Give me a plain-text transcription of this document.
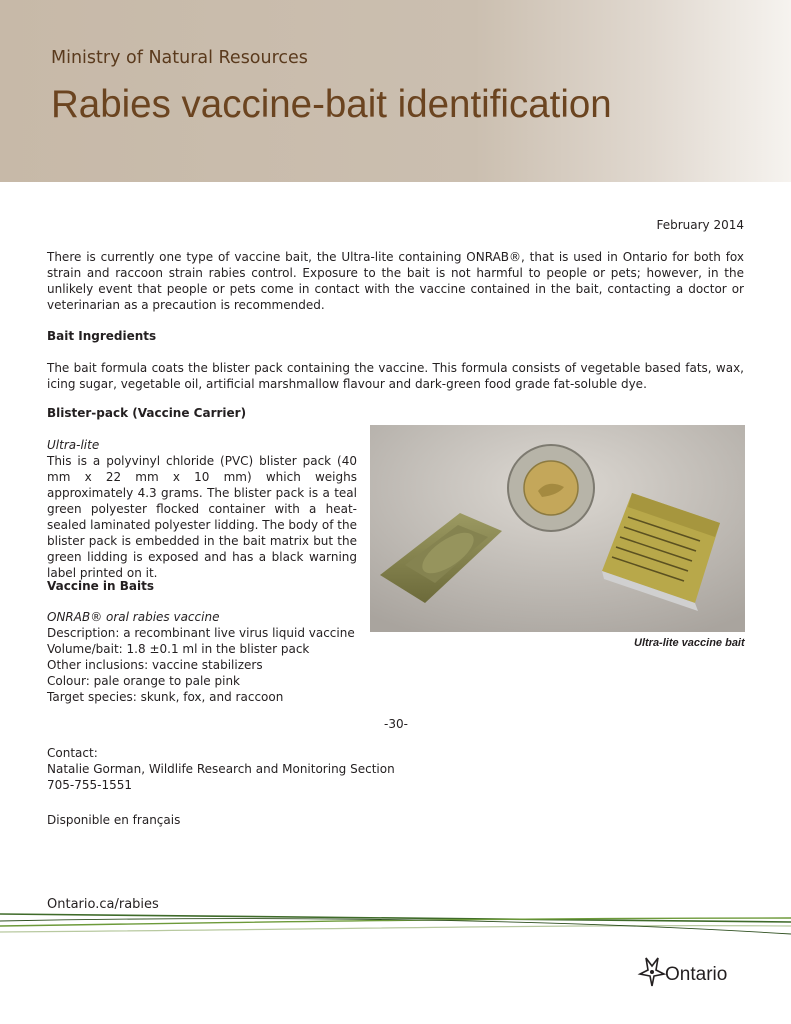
Ministry of Natural Resources
Rabies vaccine-bait identification
February 2014

There is currently one type of vaccine bait, the Ultra-lite containing ONRAB®, that is used in Ontario for both fox strain and raccoon strain rabies control. Exposure to the bait is not harmful to people or pets; however, in the unlikely event that people or pets come in contact with the vaccine contained in the bait, contacting a doctor or veterinarian as a precaution is recommended.

Bait Ingredients

The bait formula coats the blister pack containing the vaccine. This formula consists of vegetable based fats, wax, icing sugar, vegetable oil, artificial marshmallow flavour and dark-green food grade fat-soluble dye.

Blister-pack (Vaccine Carrier)

Ultra-lite

This is a polyvinyl chloride (PVC) blister pack (40 mm x 22 mm x 10 mm) which weighs approximately 4.3 grams. The blister pack is a teal green polyester flocked container with a heat-sealed laminated polyester lidding. The body of the blister pack is embedded in the bait matrix but the green lidding is exposed and has a black warning label printed on it.

Vaccine in Baits

ONRAB® oral rabies vaccine
Description: a recombinant live virus liquid vaccine
Volume/bait: 1.8 ±0.1 ml in the blister pack
Other inclusions: vaccine stabilizers
Colour: pale orange to pale pink
Target species: skunk, fox, and raccoon
Ultra-lite vaccine bait
-30-
Contact:
Natalie Gorman, Wildlife Research and Monitoring Section
705-755-1551
Disponible en français
Ontario.ca/rabies
Ontario
